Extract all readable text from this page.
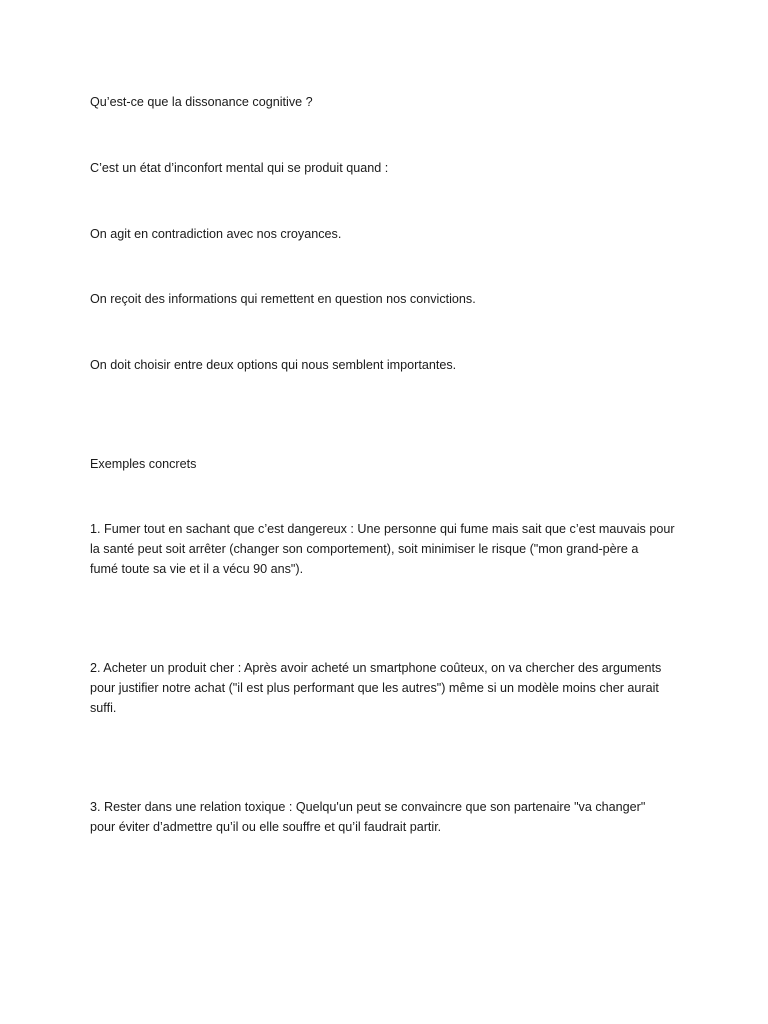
Qu’est-ce que la dissonance cognitive ?

C’est un état d’inconfort mental qui se produit quand :

On agit en contradiction avec nos croyances.

On reçoit des informations qui remettent en question nos convictions.

On doit choisir entre deux options qui nous semblent importantes.

Exemples concrets

1. Fumer tout en sachant que c’est dangereux : Une personne qui fume mais sait que c’est mauvais pour
la santé peut soit arrêter (changer son comportement), soit minimiser le risque ("mon grand-père a
fumé toute sa vie et il a vécu 90 ans").
2. Acheter un produit cher : Après avoir acheté un smartphone coûteux, on va chercher des arguments
pour justifier notre achat ("il est plus performant que les autres") même si un modèle moins cher aurait
suffi.
3. Rester dans une relation toxique : Quelqu'un peut se convaincre que son partenaire "va changer"
pour éviter d’admettre qu’il ou elle souffre et qu’il faudrait partir.
